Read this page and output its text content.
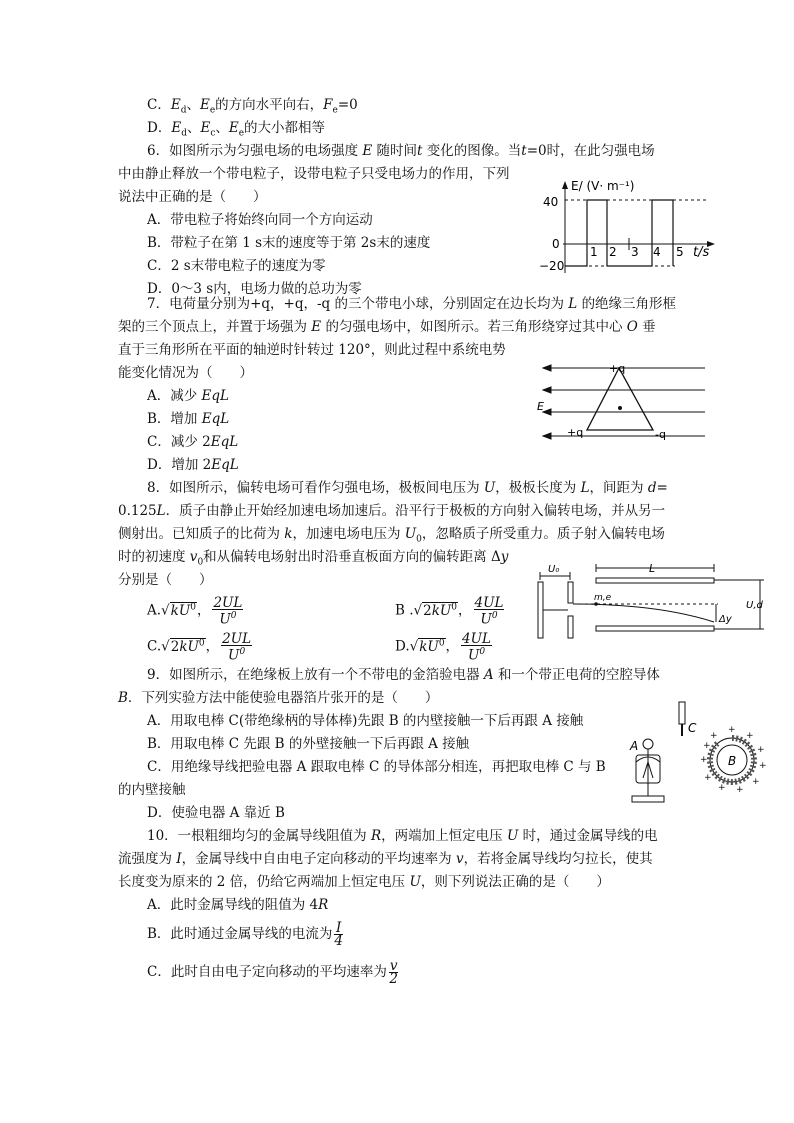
C．$E_d$、$E_e$的方向水平向右，$F_e=0$
D．$E_d$、$E_c$、$E_e$的大小都相等
6．如图所示为匀强电场的电场强度 E 随时间t 变化的图像。当t=0时，在此匀强电场
中由静止释放一个带电粒子，设带电粒子只受电场力的作用，下列
说法中正确的是（　　）
A．带电粒子将始终向同一个方向运动
B．带粒子在第 1 s末的速度等于第 2s末的速度
C．2 s末带电粒子的速度为零
D．0～3 s内，电场力做的总功为零
E/ (V· m⁻¹)
t/s
40
0
−20
1 2 3 4 5
7．电荷量分别为+q，+q，-q 的三个带电小球，分别固定在边长均为 L 的绝缘三角形框
架的三个顶点上，并置于场强为 E 的匀强电场中，如图所示。若三角形绕穿过其中心 O 垂
直于三角形所在平面的轴逆时针转过 120°，则此过程中系统电势
能变化情况为（　　）
A．减少 EqL
B．增加 EqL
C．减少 2EqL
D．增加 2EqL
+q
+q	-q
E
8．如图所示，偏转电场可看作匀强电场，极板间电压为 U，极板长度为 L，间距为 d=
0.125L．质子由静止开始经加速电场加速后。沿平行于极板的方向射入偏转电场，并从另一
侧射出。已知质子的比荷为 k，加速电场电压为 $U_0$，忽略质子所受重力。质子射入偏转电场
时的初速度 $v_0$和从偏转电场射出时沿垂直板面方向的偏转距离 Δy
分别是（　　）
$A.√kU^0$， $\frac{2UL}{U^0}$	B $.√2kU^0$， $\frac{4UL}{U^0}$
$C.√2kU^0$， $\frac{2UL}{U^0}$	$D.√kU^0$， $\frac{4UL}{U^0}$
U₀	L
m,e
U,d
Δy
9．如图所示，在绝缘板上放有一个不带电的金箔验电器 A 和一个带正电荷的空腔导体
B．下列实验方法中能使验电器箔片张开的是（　　）
A．用取电棒 C(带绝缘柄的导体棒)先跟 B 的内壁接触一下后再跟 A 接触
B．用取电棒 C 先跟 B 的外壁接触一下后再跟 A 接触
C．用绝缘导线把验电器 A 跟取电棒 C 的导体部分相连，再把取电棒 C 与 B
的内壁接触
D．使验电器 A 靠近 B
C
A
B
+
+
+
+
+
+
+
+
+
+
+
10．一根粗细均匀的金属导线阻值为 R，两端加上恒定电压 U 时，通过金属导线的电
流强度为 I，金属导线中自由电子定向移动的平均速率为 v，若将金属导线均匀拉长，使其
长度变为原来的 2 倍，仍给它两端加上恒定电压 U，则下列说法正确的是（　　）
A．此时金属导线的阻值为 4R
B．此时通过金属导线的电流为 $\frac{I}{4}$
C．此时自由电子定向移动的平均速率为 $\frac{v}{2}$
